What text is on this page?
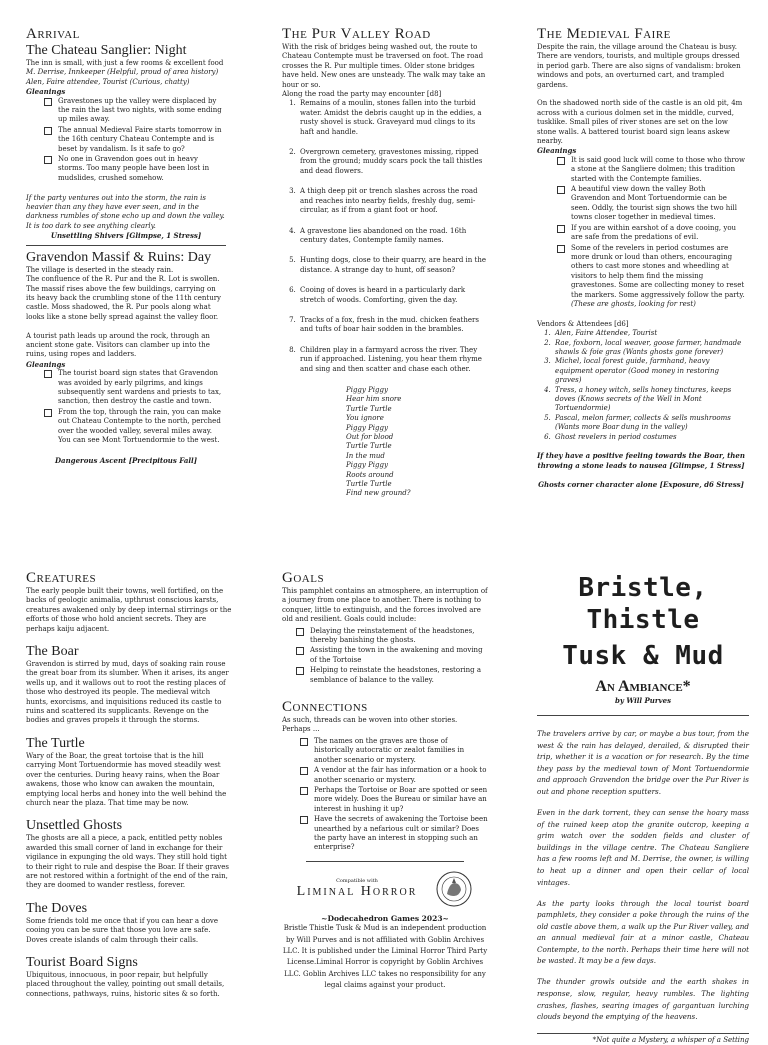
Arrival
The Chateau Sanglier: Night

The inn is small, with just a few rooms & excellent food

M. Derrise, Innkeeper (Helpful, proud of area history)

Alen, Faire attendee, Tourist (Curious, chatty)

Gleanings

Gravestones up the valley were displaced by the rain the last two nights, with some ending up miles away.
The annual Medieval Faire starts tomorrow in the 16th century Chateau Contempte and is beset by vandalism. Is it safe to go?
No one in Gravendon goes out in heavy storms. Too many people have been lost in mudslides, crushed somehow.

If the party ventures out into the storm, the rain is heavier than any they have ever seen, and in the darkness rumbles of stone echo up and down the valley. It is too dark to see anything clearly.

Unsettling Shivers [Glimpse, 1 Stress]

Gravendon Massif & Ruins: Day

The village is deserted in the steady rain.

The confluence of the R. Pur and the R. Lot is swollen. The massif rises above the few buildings, carrying on its heavy back the crumbling stone of the 11th century castle. Moss shadowed, the R. Pur pools along what looks like a stone belly spread against the valley floor.

A tourist path leads up around the rock, through an ancient stone gate. Visitors can clamber up into the ruins, using ropes and ladders.

Gleanings

The tourist board sign states that Gravendon was avoided by early pilgrims, and kings subsequently sent wardens and priests to tax, sanction, then destroy the castle and town.
From the top, through the rain, you can make out Chateau Contempte to the north, perched over the wooded valley, several miles away. You can see Mont Tortuendormie to the west.

Dangerous Ascent [Precipitous Fall]

The Pur Valley Road

With the risk of bridges being washed out, the route to Chateau Contempte must be traversed on foot. The road crosses the R. Pur multiple times. Older stone bridges have held. New ones are unsteady. The walk may take an hour or so.

Along the road the party may encounter [d8]

1. Remains of a moulin, stones fallen into the turbid water. Amidst the debris caught up in the eddies, a rusty shovel is stuck. Graveyard mud clings to its haft and handle.
2. Overgrown cemetery, gravestones missing, ripped from the ground; muddy scars pock the tall thistles and dead flowers.
3. A thigh deep pit or trench slashes across the road and reaches into nearby fields, freshly dug, semi-circular, as if from a giant foot or hoof.
4. A gravestone lies abandoned on the road. 16th century dates, Contempte family names.
5. Hunting dogs, close to their quarry, are heard in the distance. A strange day to hunt, off season?
6. Cooing of doves is heard in a particularly dark stretch of woods. Comforting, given the day.
7. Tracks of a fox, fresh in the mud. chicken feathers and tufts of boar hair sodden in the brambles.
8. Children play in a farmyard across the river. They run if approached. Listening, you hear them rhyme and sing and then scatter and chase each other.

Piggy Piggy

Hear him snore

Turtle Turtle

You ignore

Piggy Piggy

Out for blood

Turtle Turtle

In the mud

Piggy Piggy

Roots around

Turtle Turtle

Find new ground?

The Medieval Faire

Despite the rain, the village around the Chateau is busy. There are vendors, tourists, and multiple groups dressed in period garb. There are also signs of vandalism: broken windows and pots, an overturned cart, and trampled gardens.

On the shadowed north side of the castle is an old pit, 4m across with a curious dolmen set in the middle, curved, tusklike. Small piles of river stones are set on the low stone walls. A battered tourist board sign leans askew nearby.

Gleanings

It is said good luck will come to those who throw a stone at the Sangliere dolmen; this tradition started with the Contempte families.
A beautiful view down the valley Both Gravendon and Mont Tortuendormie can be seen. Oddly, the tourist sign shows the two hill towns closer together in medieval times.
If you are within earshot of a dove cooing, you are safe from the predations of evil.
Some of the revelers in period costumes are more drunk or loud than others, encouraging others to cast more stones and wheedling at visitors to help them find the missing gravestones. Some are collecting money to reset the markers. Some aggressively follow the party. (These are ghosts, looking for rest)

Vendors & Attendees [d6]

1. Alen, Faire Attendee, Tourist
2. Rae, foxborn, local weaver, goose farmer, handmade shawls & foie gras (Wants ghosts gone forever)
3. Michel, local forest guide, farmhand, heavy equipment operator (Good money in restoring graves)
4. Tress, a honey witch, sells honey tinctures, keeps doves (Knows secrets of the Well in Mont Tortuendormie)
5. Pascal, melon farmer, collects & sells mushrooms (Wants more Boar dung in the valley)
6. Ghost revelers in period costumes

If they have a positive feeling towards the Boar, then throwing a stone leads to nausea [Glimpse, 1 Stress]

Ghosts corner character alone [Exposure, d6 Stress]

Creatures

The early people built their towns, well fortified, on the backs of geologic animalia, upthrust conscious karsts, creatures awakened only by deep internal stirrings or the efforts of those who hold ancient secrets. They are perhaps kaiju adjacent.

The Boar

Gravendon is stirred by mud, days of soaking rain rouse the great boar from its slumber. When it arises, its anger wells up, and it wallows out to root the resting places of those who destroyed its people. The medieval witch hunts, exorcisms, and inquisitions reduced its castle to ruins and scattered its supplicants. Revenge on the bodies and graves propels it through the storms.

The Turtle

Wary of the Boar, the great tortoise that is the hill carrying Mont Tortuendormie has moved steadily west over the centuries. During heavy rains, when the Boar awakens, those who know can awaken the mountain, emptying local herbs and honey into the well behind the church near the plaza. That time may be now.

Unsettled Ghosts

The ghosts are all a piece, a pack, entitled petty nobles awarded this small corner of land in exchange for their vigilance in expunging the old ways. They still hold tight to their right to rule and despise the Boar. If their graves are not restored within a fortnight of the end of the rain, they are doomed to wander restless, forever.

The Doves

Some friends told me once that if you can hear a dove cooing you can be sure that those you love are safe. Doves create islands of calm through their calls.

Tourist Board Signs

Ubiquitous, innocuous, in poor repair, but helpfully placed throughout the valley, pointing out small details, connections, pathways, ruins, historic sites & so forth.

Goals

This pamphlet contains an atmosphere, an interruption of a journey from one place to another. There is nothing to conquer, little to extinguish, and the forces involved are old and resilient. Goals could include:

Delaying the reinstatement of the headstones, thereby banishing the ghosts.
Assisting the town in the awakening and moving of the Tortoise
Helping to reinstate the headstones, restoring a semblance of balance to the valley.
Connections

As such, threads can be woven into other stories. Perhaps ...

The names on the graves are those of historically autocratic or zealot families in another scenario or mystery.
A vendor at the fair has information or a hook to another scenario or mystery.
Perhaps the Tortoise or Boar are spotted or seen more widely. Does the Bureau or similar have an interest in hushing it up?
Have the secrets of awakening the Tortoise been unearthed by a nefarious cult or similar? Does the party have an interest in stopping such an enterprise?
Compatible with
Liminal Horror

~Dodecahedron Games 2023~

Bristle Thistle Tusk & Mud is an independent production by Will Purves and is not affiliated with Goblin Archives LLC. It is published under the Liminal Horror Third Party License.Liminal Horror is copyright by Goblin Archives LLC. Goblin Archives LLC takes no responsibility for any legal claims against your product.

Bristle, Thistle
Tusk & Mud
An Ambiance*
by Will Purves

The travelers arrive by car, or maybe a bus tour, from the west & the rain has delayed, derailed, & disrupted their trip, whether it is a vacation or for research. By the time they pass by the medieval town of Mont Tortuendormie and approach Gravendon the bridge over the Pur River is out and phone reception sputters.

Even in the dark torrent, they can sense the hoary mass of the ruined keep atop the granite outcrop, keeping a grim watch over the sodden fields and cluster of buildings in the village centre. The Chateau Sangliere has a few rooms left and M. Derrise, the owner, is willing to heat up a dinner and open their cellar of local vintages.

As the party looks through the local tourist board pamphlets, they consider a poke through the ruins of the old castle above them, a walk up the Pur River valley, and an annual medieval fair at a minor castle, Chateau Contempte, to the north. Perhaps their time here will not be wasted. It may be a few days.

The thunder growls outside and the earth shakes in response, slow, regular, heavy rumbles. The lighting crashes, flashes, searing images of gargantuan lurching clouds beyond the emptying of the heavens.

*Not quite a Mystery, a whisper of a Setting
